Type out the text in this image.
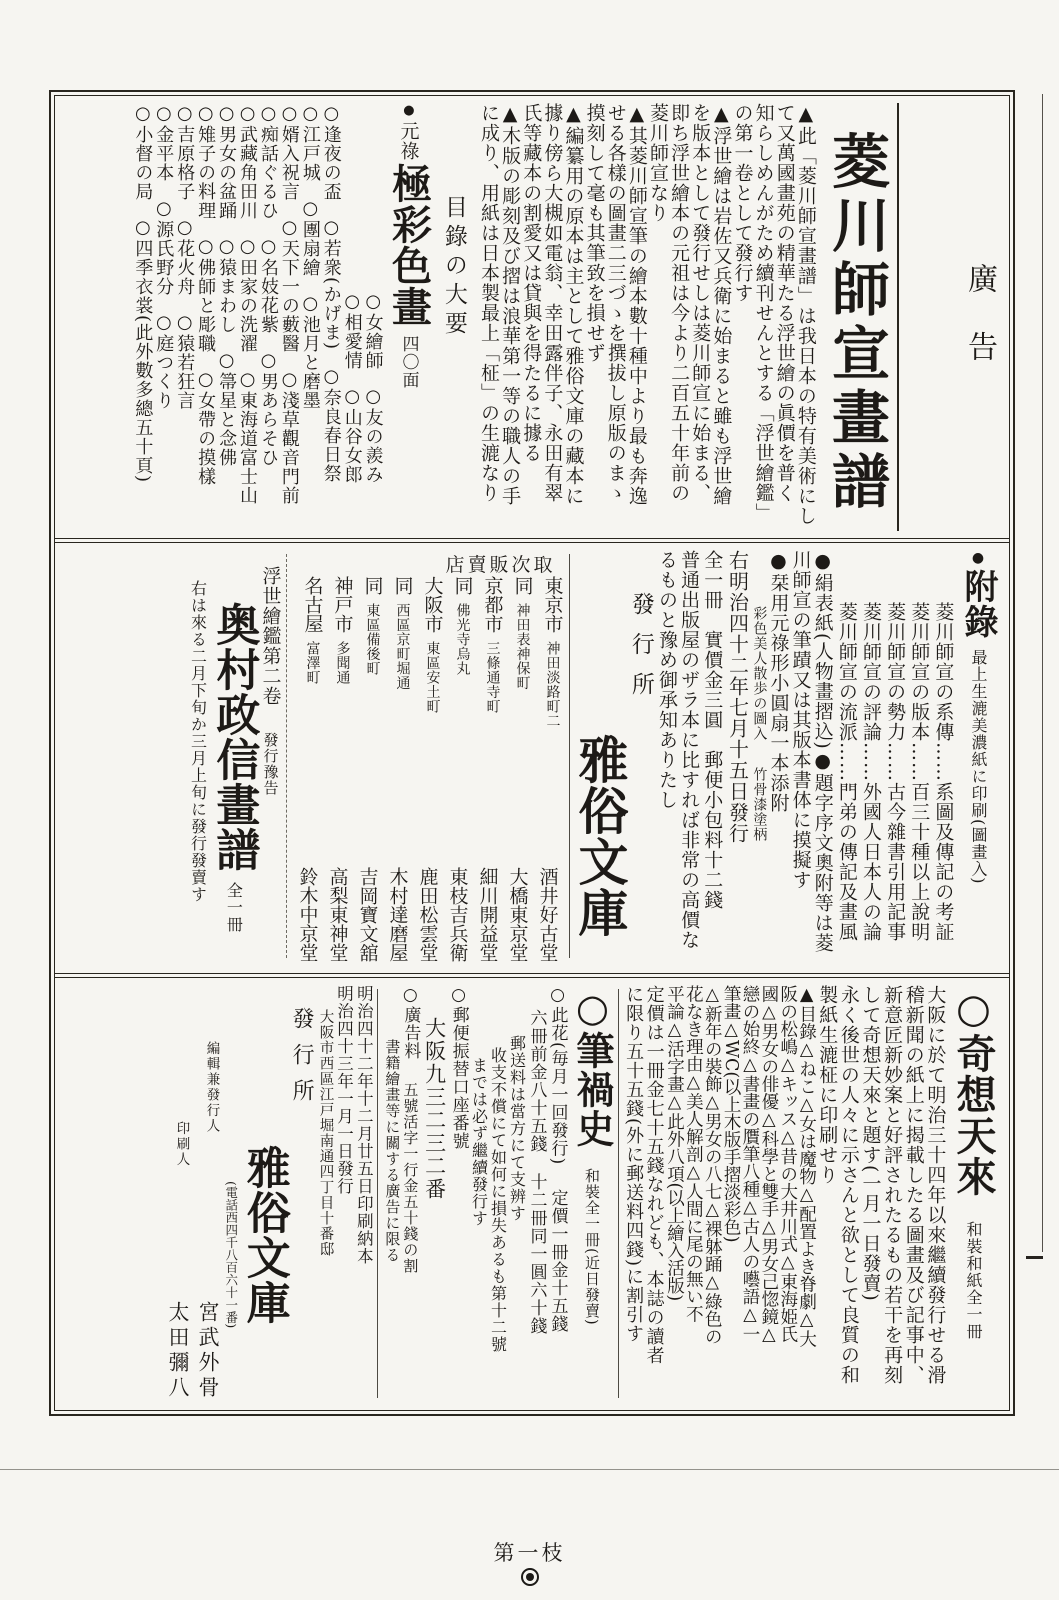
廣告
菱川師宣畫譜
▲此「菱川師宣畫譜」は我日本の特有美術にし
て又萬國畫苑の精華たる浮世繪の眞價を普く
知らしめんがため續刊せんとする「浮世繪鑑」
の第一卷として發行す
▲浮世繪は岩佐又兵衛に始まると雖も浮世繪
を版本として發行せしは菱川師宣に始まる、
即ち浮世繪本の元祖は今より二百五十年前の
菱川師宣なり
▲其菱川師宣筆の繪本數十種中より最も奔逸
せる各樣の圖畫二三づゝを撰拔し原版のまゝ
摸刻して毫も其筆致を損せず
▲編纂用の原本は主として雅俗文庫の藏本に
據り傍ら大槻如電翁、幸田露伴子、永田有翠
氏等藏本の割愛又は貸與を得たるに據る
▲木版の彫刻及び摺は浪華第一等の職人の手
に成り、用紙は日本製最上「柾」の生漉なり
目錄の大要
●元祿極彩色畫四〇面
○女繪師○友の羨み
○相愛情○山谷女郎
○逢夜の盃○若衆(かげま)○奈良春日祭
○江戸城○團扇繪○池月と磨墨
○婿入祝言○天下一の藪醫○淺草觀音門前
○痴話ぐるひ○名妓花紫○男あらそひ
○武藏角田川○田家の洗濯○東海道富士山
○男女の盆踊○猿まわし○箒星と念佛
○雉子の料理○佛師と彫職○女帶の摸樣
○吉原格子○花火舟○猿若狂言
○金平本○源氏野分○庭つくり
○小督の局○四季衣裳(此外數多總五十頁)
●附錄最上生漉美濃紙に印刷(圖畫入)
菱川師宣の系傳……系圖及傳記の考証
菱川師宣の版本……百三十種以上說明
菱川師宣の勢力……古今雜書引用記事
菱川師宣の評論……外國人日本人の論
菱川師宣の流派……門弟の傳記及畫風
●絹表紙(人物畫摺込)●題字序文奧附等は菱
川師宣の筆蹟又は其版本書体に摸擬す
●栞用元祿形小圓扇一本添附
彩色美人散歩の圖入竹骨漆塗柄
右明治四十二年七月十五日發行
全一冊　實價金三圓　郵便小包料十二錢
普通出版屋のザラ本に比すれば非常の高價な
るものと豫め御承知ありたし
發行所
雅俗文庫
取次販賣店
東京市神田淡路町二
酒井好古堂
同神田表神保町
大橋東京堂
京都市三條通寺町
細川開益堂
同佛光寺烏丸
東枝吉兵衛
大阪市東區安土町
鹿田松雲堂
同西區京町堀通
木村達磨屋
同東區備後町
吉岡寶文舘
神戸市多聞通
高梨東神堂
名古屋富澤町
鈴木中京堂
浮世繪鑑第二卷發行豫告
奥村政信畫譜全一冊
右は來る二月下旬か三月上旬に發行發賣す
○奇想天來和裝和紙全一冊
大阪に於て明治三十四年以來繼續發行せる滑
稽新聞の紙上に揭載したる圖畫及び記事中、
新意匠新妙案と好評されたるもの若干を再刻
して奇想天來と題す(一月一日發賣)
永く後世の人々に示さんと欲として良質の和
製紙生漉柾に印刷せり
▲目錄△ねこ△女は魔物△配置よき脊劇△大
阪の松嶋△キッス△昔の大井川式△東海姫氏
國△男女の俳優△科學と雙手△男女己惚鏡△
戀の始終△書畫の贋筆八種△古人の囈語△一
筆畫△WC(以上木版手摺淡彩色)
△新年の裝飾△男女の八七△裸躰踊△綠色の
花なき理由△美人解剖△人間に尾の無い不
平論△活字畫△此外八項(以上繪入活版)
定價は一冊金七十五錢なれども、本誌の讀者
に限り五十五錢(外に郵送料四錢)に割引す
○筆禍史和裝全一冊(近日發賣)
○此花(毎月一回發行)定價一冊金十五錢
六冊前金八十五錢十二冊同一圓六十錢
郵送料は當方にて支辨す
收支不償にて如何に損失あるも第十二號
までは必ず繼續發行す
○郵便振替口座番號
大阪九三二三二番
○廣告料五號活字一行金五十錢の割
書籍繪畫等に關する廣告に限る
明治四十二年十二月廿五日印刷納本
明治四十三年一月一日發行
大阪市西區江戸堀南通四丁目十番邸
發行所
雅俗文庫
(電話西四千八百六十一番)
編輯兼發行人
宮武外骨
印刷人
太田彌八
第一枝
